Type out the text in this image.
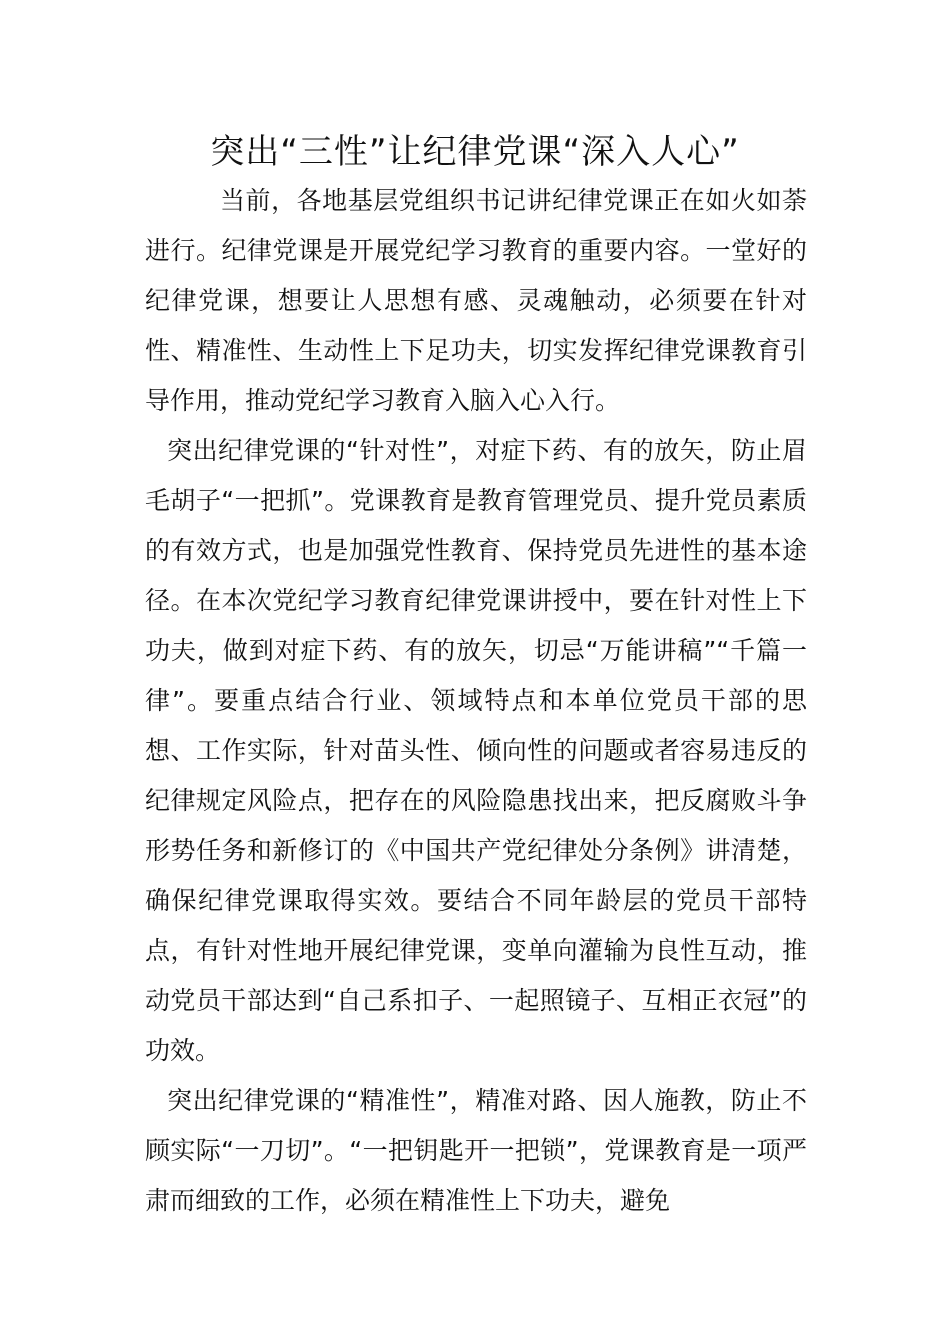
突出“三性”让纪律党课“深入人心”

当前，各地基层党组织书记讲纪律党课正在如火如荼进行。纪律党课是开展党纪学习教育的重要内容。一堂好的纪律党课，想要让人思想有感、灵魂触动，必须要在针对性、精准性、生动性上下足功夫，切实发挥纪律党课教育引导作用，推动党纪学习教育入脑入心入行。

突出纪律党课的“针对性”，对症下药、有的放矢，防止眉毛胡子“一把抓”。党课教育是教育管理党员、提升党员素质的有效方式，也是加强党性教育、保持党员先进性的基本途径。在本次党纪学习教育纪律党课讲授中，要在针对性上下功夫，做到对症下药、有的放矢，切忌“万能讲稿”“千篇一律”。要重点结合行业、领域特点和本单位党员干部的思想、工作实际，针对苗头性、倾向性的问题或者容易违反的纪律规定风险点，把存在的风险隐患找出来，把反腐败斗争形势任务和新修订的《中国共产党纪律处分条例》讲清楚，确保纪律党课取得实效。要结合不同年龄层的党员干部特点，有针对性地开展纪律党课，变单向灌输为良性互动，推动党员干部达到“自己系扣子、一起照镜子、互相正衣冠”的功效。

突出纪律党课的“精准性”，精准对路、因人施教，防止不顾实际“一刀切”。“一把钥匙开一把锁”，党课教育是一项严肃而细致的工作，必须在精准性上下功夫，避免
